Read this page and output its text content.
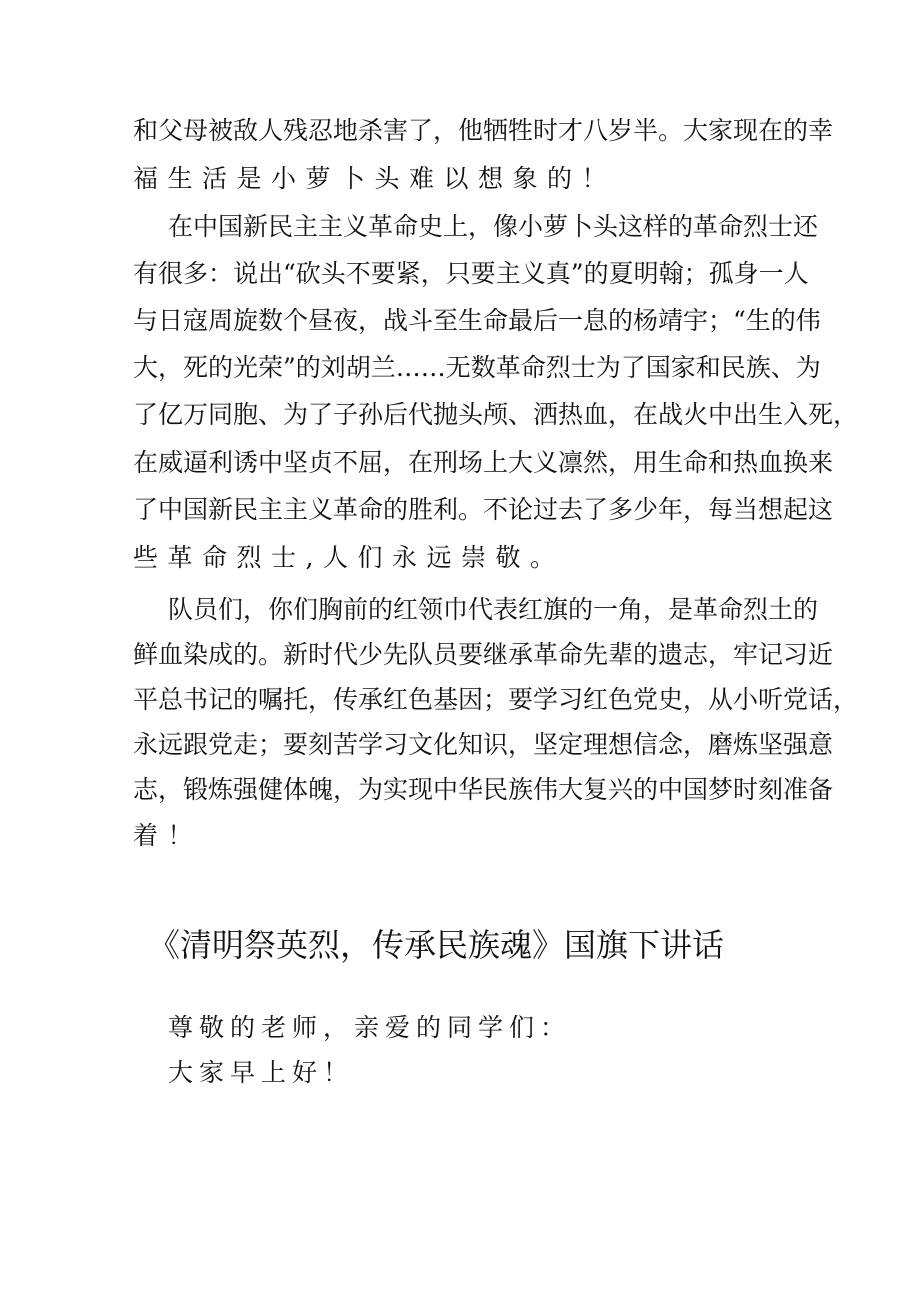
和父母被敌人残忍地杀害了，他牺牲时才八岁半。大家现在的幸
福生活是小萝卜头难以想象的！
在中国新民主主义革命史上，像小萝卜头这样的革命烈士还
有很多：说出“砍头不要紧，只要主义真”的夏明翰；孤身一人
与日寇周旋数个昼夜，战斗至生命最后一息的杨靖宇；“生的伟
大，死的光荣”的刘胡兰……无数革命烈士为了国家和民族、为
了亿万同胞、为了子孙后代抛头颅、洒热血，在战火中出生入死，
在威逼利诱中坚贞不屈，在刑场上大义凛然，用生命和热血换来
了中国新民主主义革命的胜利。不论过去了多少年，每当想起这
些革命烈士,人们永远崇敬。
队员们，你们胸前的红领巾代表红旗的一角，是革命烈土的
鲜血染成的。新时代少先队员要继承革命先辈的遗志，牢记习近
平总书记的嘱托，传承红色基因；要学习红色党史，从小听党话，
永远跟党走；要刻苦学习文化知识，坚定理想信念，磨炼坚强意
志，锻炼强健体魄，为实现中华民族伟大复兴的中国梦时刻准备
着！
《清明祭英烈，传承民族魂》国旗下讲话
尊敬的老师，亲爱的同学们：
大家早上好！
